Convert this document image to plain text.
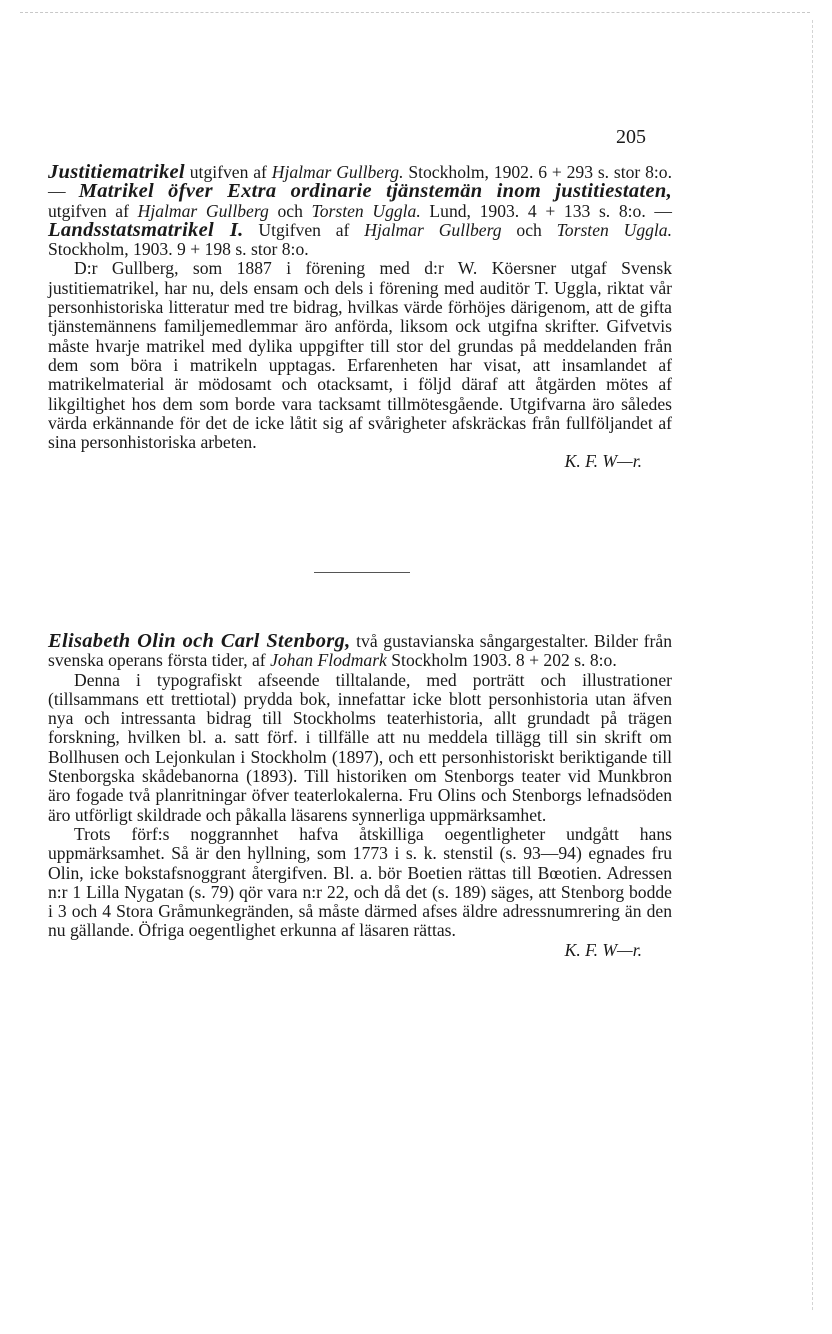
205

Justitiematrikel utgifven af Hjalmar Gullberg. Stockholm, 1902. 6 + 293 s. stor 8:o. — Matrikel öfver Extra ordinarie tjänstemän inom justitiestaten, utgifven af Hjalmar Gullberg och Torsten Uggla. Lund, 1903. 4 + 133 s. 8:o. — Landsstatsmatrikel I. Utgifven af Hjalmar Gullberg och Torsten Uggla. Stockholm, 1903. 9 + 198 s. stor 8:o.

D:r Gullberg, som 1887 i förening med d:r W. Köersner utgaf Svensk justitiematrikel, har nu, dels ensam och dels i förening med auditör T. Uggla, riktat vår personhistoriska litteratur med tre bidrag, hvilkas värde förhöjes därigenom, att de gifta tjänstemännens familjemedlemmar äro anförda, liksom ock utgifna skrifter. Gifvetvis måste hvarje matrikel med dylika uppgifter till stor del grundas på meddelanden från dem som böra i matrikeln upptagas. Erfarenheten har visat, att insamlandet af matrikelmaterial är mödosamt och otacksamt, i följd däraf att åtgärden mötes af likgiltighet hos dem som borde vara tacksamt tillmötesgående. Utgifvarna äro således värda erkännande för det de icke låtit sig af svårigheter afskräckas från fullföljandet af sina personhistoriska arbeten.

K. F. W—r.

Elisabeth Olin och Carl Stenborg, två gustavianska sångargestalter. Bilder från svenska operans första tider, af Johan Flodmark Stockholm 1903. 8 + 202 s. 8:o.

Denna i typografiskt afseende tilltalande, med porträtt och illustrationer (tillsammans ett trettiotal) prydda bok, innefattar icke blott personhistoria utan äfven nya och intressanta bidrag till Stockholms teaterhistoria, allt grundadt på trägen forskning, hvilken bl. a. satt förf. i tillfälle att nu meddela tillägg till sin skrift om Bollhusen och Lejonkulan i Stockholm (1897), och ett personhistoriskt beriktigande till Stenborgska skådebanorna (1893). Till historiken om Stenborgs teater vid Munkbron äro fogade två planritningar öfver teaterlokalerna. Fru Olins och Stenborgs lefnadsöden äro utförligt skildrade och påkalla läsarens synnerliga uppmärksamhet.

Trots förf:s noggrannhet hafva åtskilliga oegentligheter undgått hans uppmärksamhet. Så är den hyllning, som 1773 i s. k. stenstil (s. 93—94) egnades fru Olin, icke bokstafsnoggrant återgifven. Bl. a. bör Boetien rättas till Bœotien. Adressen n:r 1 Lilla Nygatan (s. 79) qör vara n:r 22, och då det (s. 189) säges, att Stenborg bodde i 3 och 4 Stora Gråmunkegränden, så måste därmed afses äldre adressnumrering än den nu gällande. Öfriga oegentlighet erkunna af läsaren rättas.

K. F. W—r.
